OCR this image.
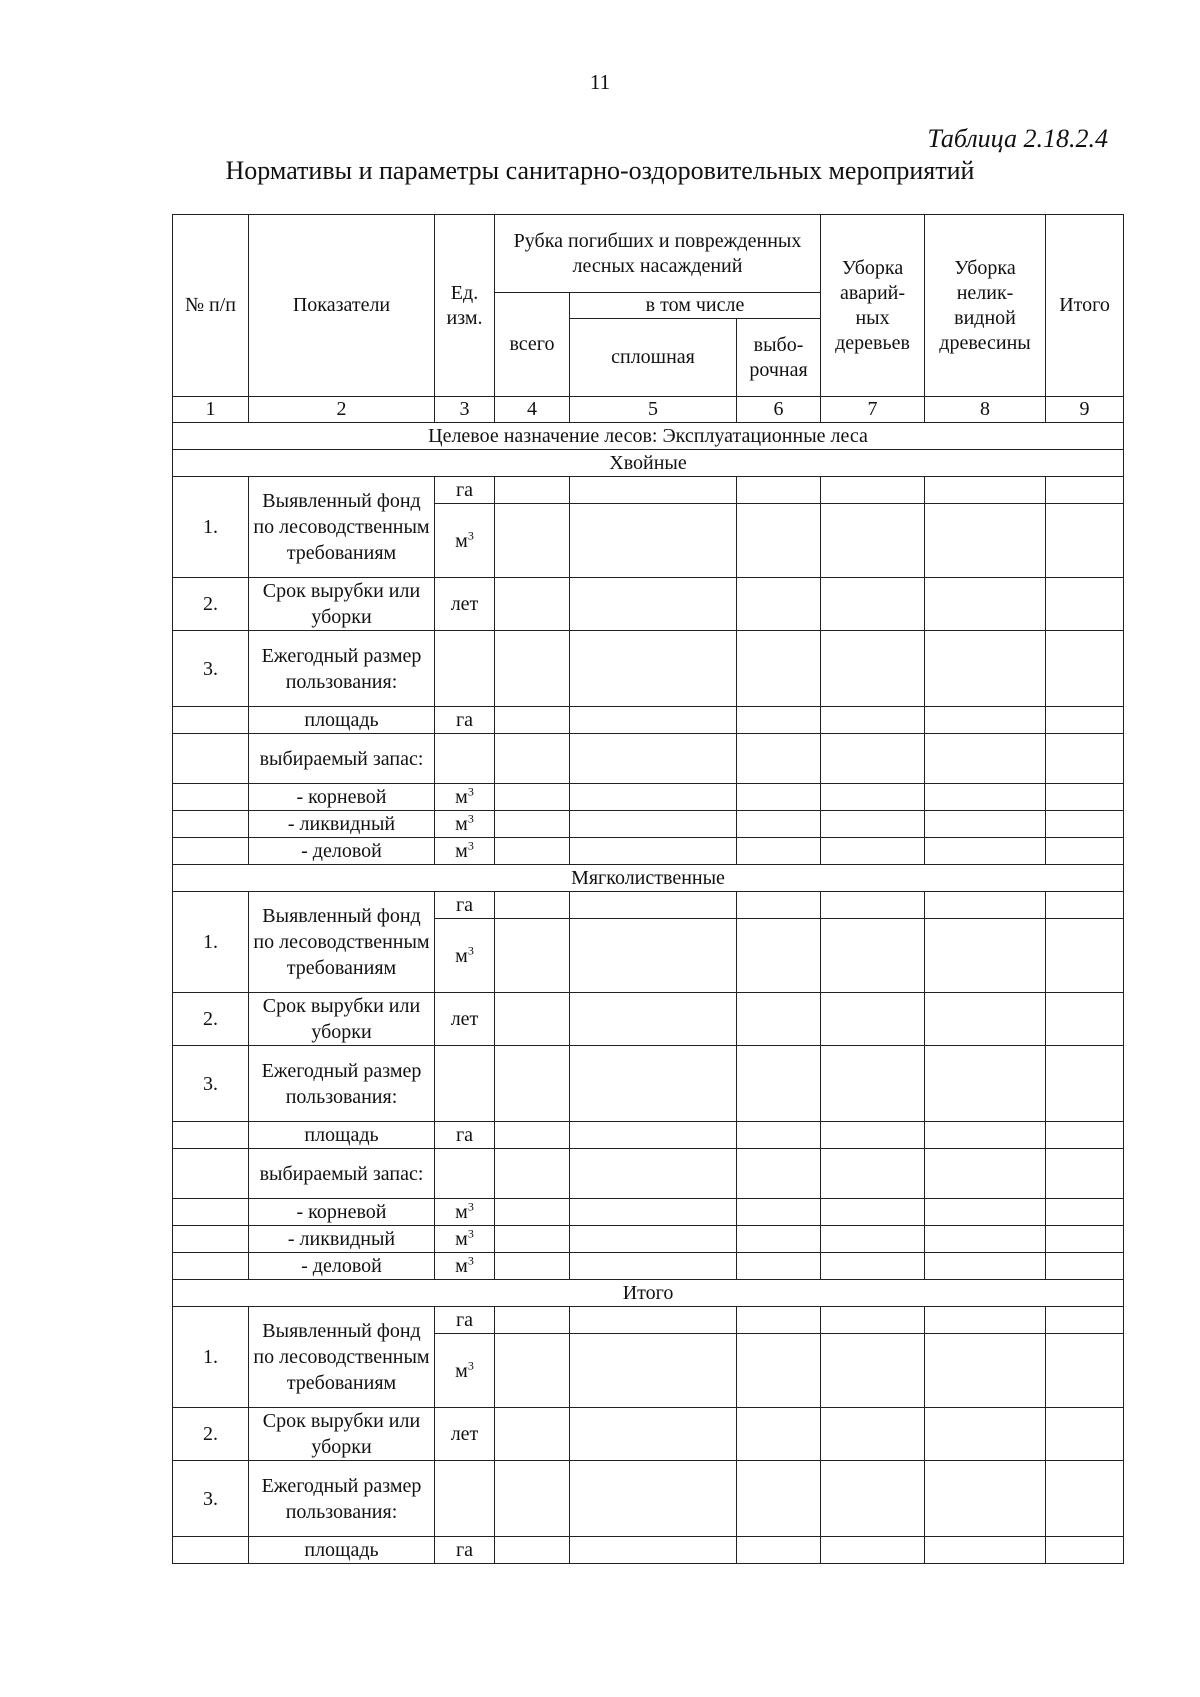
11
Таблица 2.18.2.4
Нормативы и параметры санитарно-оздоровительных мероприятий
№ п/п	Показатели	Ед. изм.	Рубка погибших и поврежденных лесных насаждений			Уборка аварий-ных деревьев	Уборка нелик-видной древесины	Итого
			всего	в том числе				
				сплошная	выбо-рочная			
1	2	3	4	5	6	7	8	9
Целевое назначение лесов: Эксплуатационные леса								
Хвойные								
1.	Выявленный фонд по лесоводственным требованиям	га						
		$м^3$						
2.	Срок вырубки или уборки	лет						
3.	Ежегодный размер пользования:							
	площадь	га						
	выбираемый запас:							
	- корневой	$м^3$						
	- ликвидный	$м^3$						
	- деловой	$м^3$						
Мягколиственные								
1.	Выявленный фонд по лесоводственным требованиям	га						
		$м^3$						
2.	Срок вырубки или уборки	лет						
3.	Ежегодный размер пользования:							
	площадь	га						
	выбираемый запас:							
	- корневой	$м^3$						
	- ликвидный	$м^3$						
	- деловой	$м^3$						
Итого								
1.	Выявленный фонд по лесоводственным требованиям	га						
		$м^3$						
2.	Срок вырубки или уборки	лет						
3.	Ежегодный размер пользования:							
	площадь	га						
